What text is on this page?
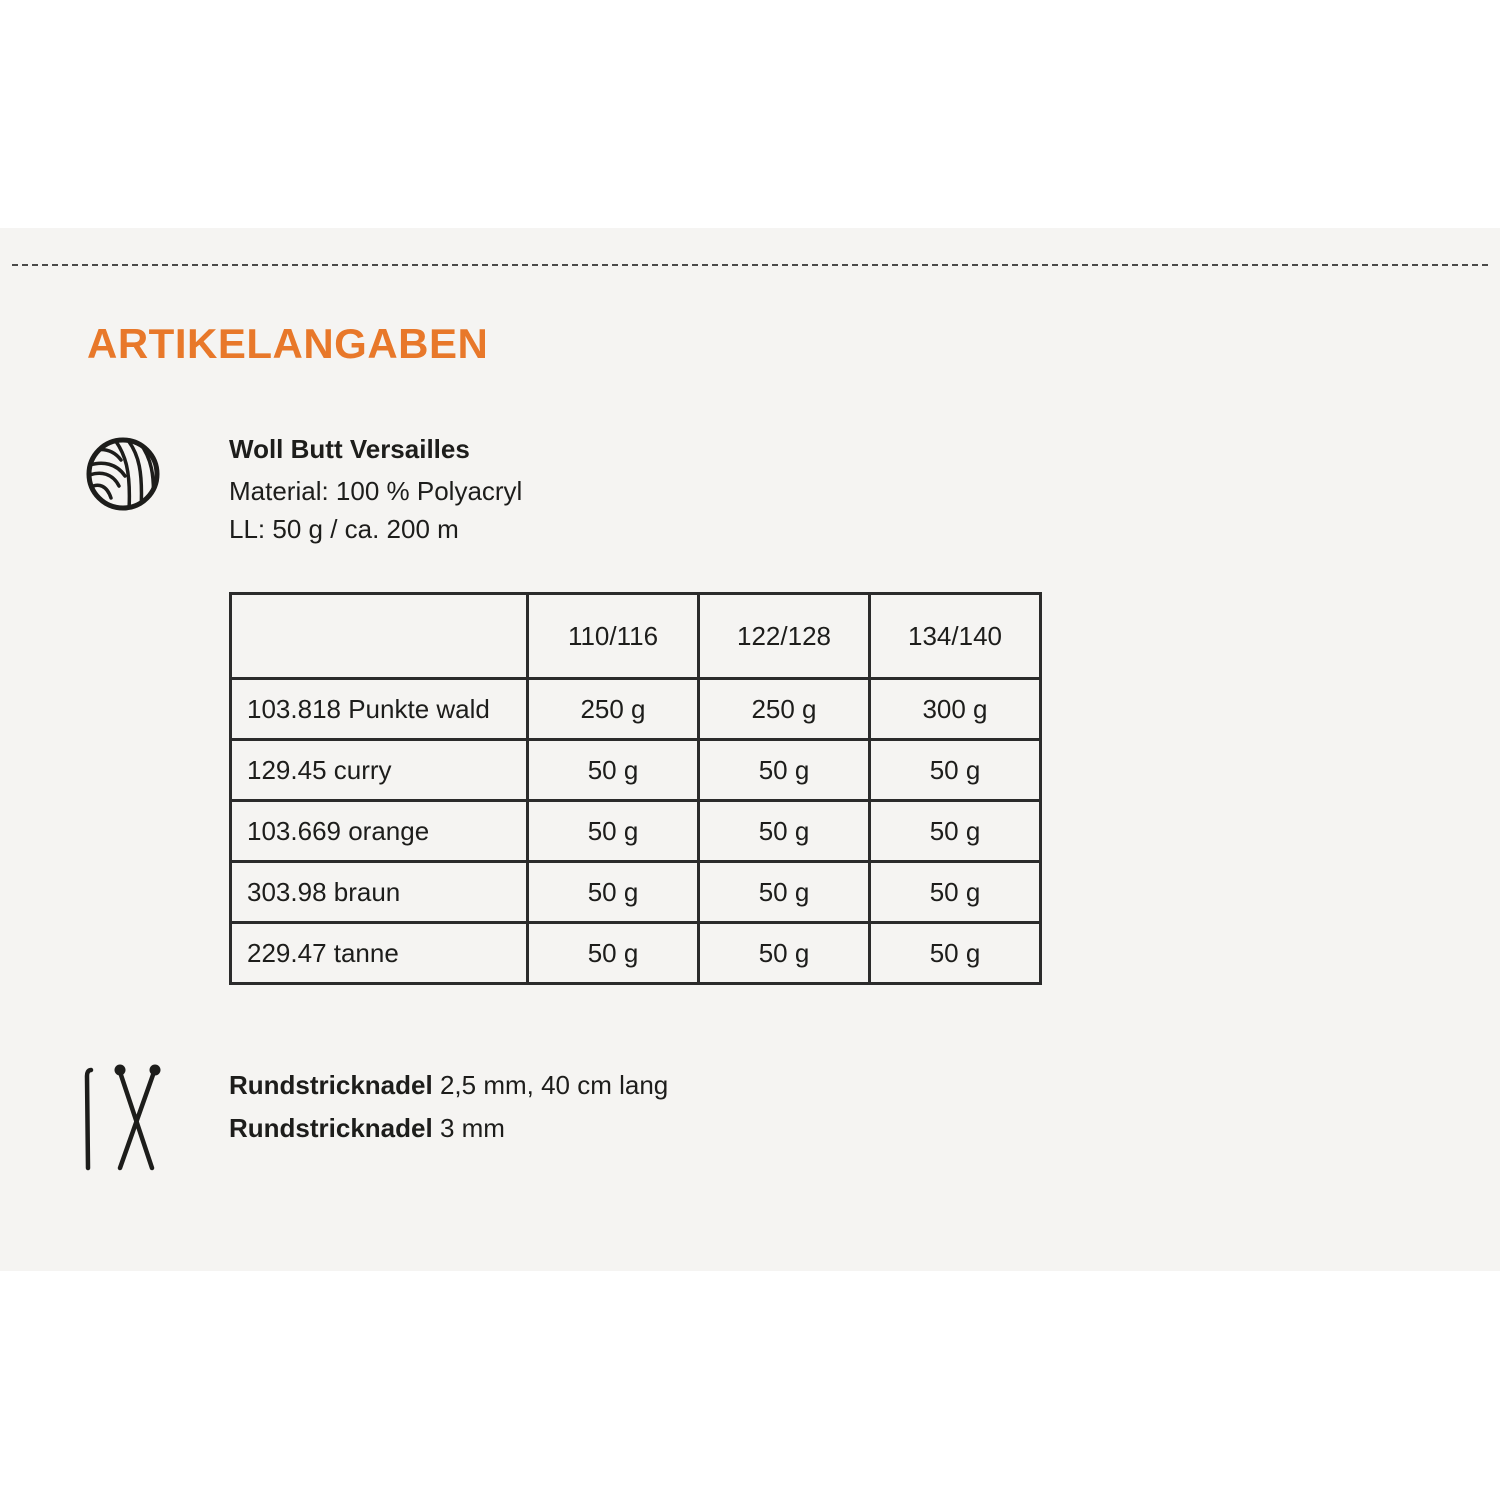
ARTIKELANGABEN
Woll Butt Versailles
Material: 100 % Polyacryl
LL: 50 g / ca. 200 m
	110/116	122/128	134/140
103.818 Punkte wald	250 g	250 g	300 g
129.45 curry	50 g	50 g	50 g
103.669 orange	50 g	50 g	50 g
303.98 braun	50 g	50 g	50 g
229.47 tanne	50 g	50 g	50 g
Rundstricknadel 2,5 mm, 40 cm lang
Rundstricknadel 3 mm
